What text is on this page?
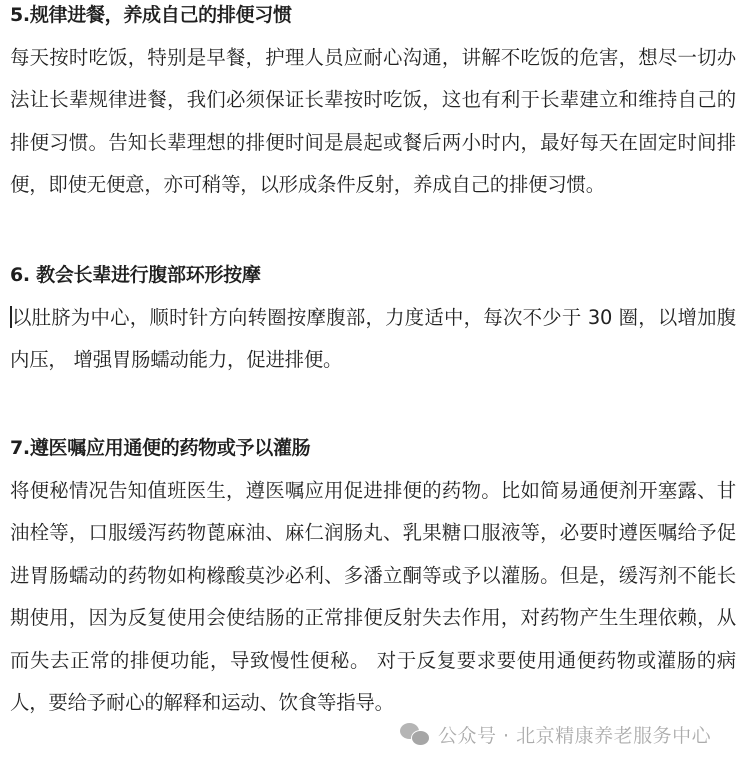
5.规律进餐，养成自己的排便习惯

每天按时吃饭，特别是早餐，护理人员应耐心沟通，讲解不吃饭的危害，想尽一切办法让长辈规律进餐，我们必须保证长辈按时吃饭，这也有利于长辈建立和维持自己的排便习惯。告知长辈理想的排便时间是晨起或餐后两小时内，最好每天在固定时间排便，即使无便意，亦可稍等，以形成条件反射，养成自己的排便习惯。

6. 教会长辈进行腹部环形按摩

以肚脐为中心，顺时针方向转圈按摩腹部，力度适中，每次不少于 30 圈，以增加腹内压， 增强胃肠蠕动能力，促进排便。

7.遵医嘱应用通便的药物或予以灌肠

将便秘情况告知值班医生，遵医嘱应用促进排便的药物。比如简易通便剂开塞露、甘油栓等，口服缓泻药物蓖麻油、麻仁润肠丸、乳果糖口服液等，必要时遵医嘱给予促进胃肠蠕动的药物如枸橼酸莫沙必利、多潘立酮等或予以灌肠。但是，缓泻剂不能长期使用，因为反复使用会使结肠的正常排便反射失去作用，对药物产生生理依赖，从而失去正常的排便功能，导致慢性便秘。 对于反复要求要使用通便药物或灌肠的病人，要给予耐心的解释和运动、饮食等指导。

公众号 · 北京精康养老服务中心
